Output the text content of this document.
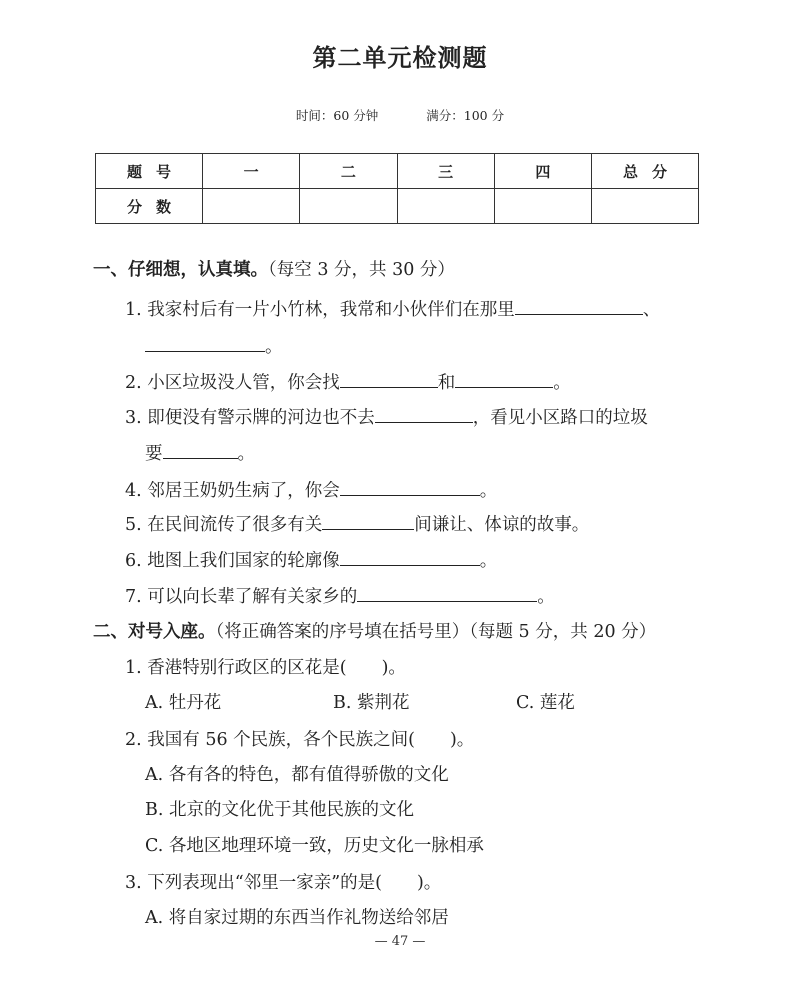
第二单元检测题
时间：60 分钟	满分：100 分
题号	一	二	三	四	总分
分数					
一、仔细想，认真填。（每空 3 分，共 30 分）
1. 我家村后有一片小竹林，我常和小伙伴们在那里	、
。
2. 小区垃圾没人管，你会找	和	。
3. 即便没有警示牌的河边也不去	，看见小区路口的垃圾
要	。
4. 邻居王奶奶生病了，你会	。
5. 在民间流传了很多有关	间谦让、体谅的故事。
6. 地图上我们国家的轮廓像	。
7. 可以向长辈了解有关家乡的	。
二、对号入座。（将正确答案的序号填在括号里）（每题 5 分，共 20 分）
1. 香港特别行政区的区花是(　　)。
A. 牡丹花	B. 紫荆花	C. 莲花
2. 我国有 56 个民族，各个民族之间(　　)。
A. 各有各的特色，都有值得骄傲的文化
B. 北京的文化优于其他民族的文化
C. 各地区地理环境一致，历史文化一脉相承
3. 下列表现出“邻里一家亲”的是(　　)。
A. 将自家过期的东西当作礼物送给邻居
— 47 —
